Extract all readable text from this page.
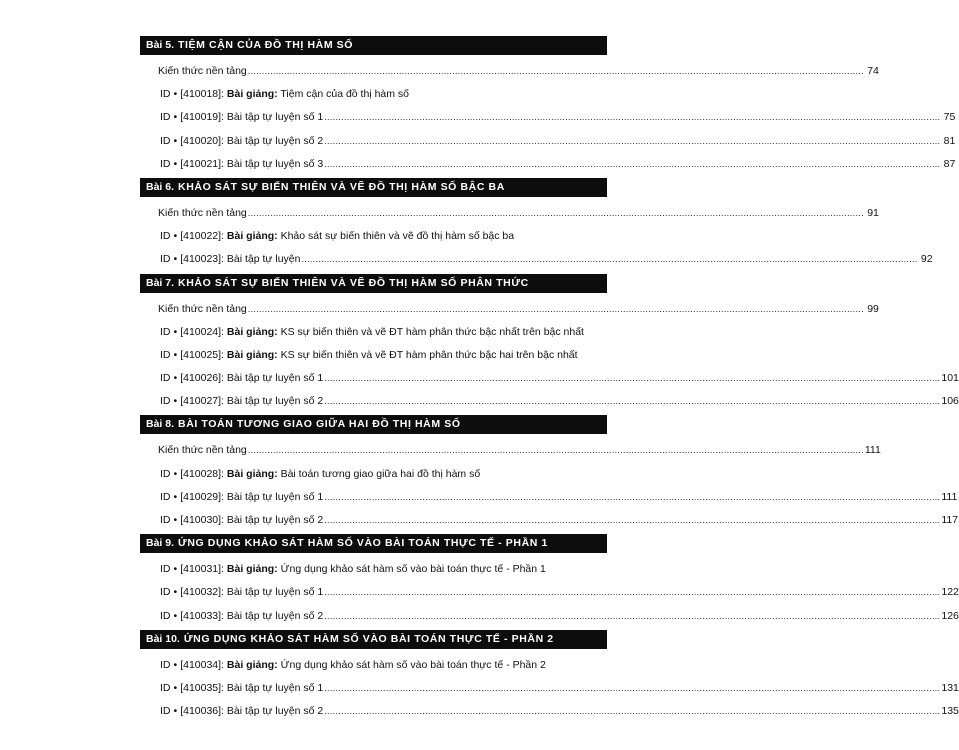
Bài 5. TIỆM CẬN CỦA ĐỒ THỊ HÀM SỐ
Kiến thức nền tảng ............................................................................................................................................................................................................................ 74
ID • [410018]: Bài giảng: Tiệm cận của đồ thị hàm số
ID • [410019]: Bài tập tự luyện số 1 ............................................................................................................................................................................................................................ 75
ID • [410020]: Bài tập tự luyện số 2 ............................................................................................................................................................................................................................ 81
ID • [410021]: Bài tập tự luyện số 3 ............................................................................................................................................................................................................................ 87
Bài 6. KHẢO SÁT SỰ BIẾN THIÊN VÀ VẼ ĐỒ THỊ HÀM SỐ BẬC BA
Kiến thức nền tảng ............................................................................................................................................................................................................................ 91
ID • [410022]: Bài giảng: Khảo sát sự biến thiên và vẽ đồ thị hàm số bậc ba
ID • [410023]: Bài tập tự luyện ............................................................................................................................................................................................................................ 92
Bài 7. KHẢO SÁT SỰ BIẾN THIÊN VÀ VẼ ĐỒ THỊ HÀM SỐ PHÂN THỨC
Kiến thức nền tảng ............................................................................................................................................................................................................................ 99
ID • [410024]: Bài giảng: KS sự biến thiên và vẽ ĐT hàm phân thức bậc nhất trên bậc nhất
ID • [410025]: Bài giảng: KS sự biến thiên và vẽ ĐT hàm phân thức bậc hai trên bậc nhất
ID • [410026]: Bài tập tự luyện số 1 ............................................................................................................................................................................................................................ 101
ID • [410027]: Bài tập tự luyện số 2 ............................................................................................................................................................................................................................ 106
Bài 8. BÀI TOÁN TƯƠNG GIAO GIỮA HAI ĐỒ THỊ HÀM SỐ
Kiến thức nền tảng ............................................................................................................................................................................................................................ 111
ID • [410028]: Bài giảng: Bài toán tương giao giữa hai đồ thị hàm số
ID • [410029]: Bài tập tự luyện số 1 ............................................................................................................................................................................................................................ 111
ID • [410030]: Bài tập tự luyện số 2 ............................................................................................................................................................................................................................ 117
Bài 9. ỨNG DỤNG KHẢO SÁT HÀM SỐ VÀO BÀI TOÁN THỰC TẾ - PHẦN 1
ID • [410031]: Bài giảng: Ứng dụng khảo sát hàm số vào bài toán thực tế - Phần 1
ID • [410032]: Bài tập tự luyện số 1 ............................................................................................................................................................................................................................ 122
ID • [410033]: Bài tập tự luyện số 2 ............................................................................................................................................................................................................................ 126
Bài 10. ỨNG DỤNG KHẢO SÁT HÀM SỐ VÀO BÀI TOÁN THỰC TẾ - PHẦN 2
ID • [410034]: Bài giảng: Ứng dụng khảo sát hàm số vào bài toán thực tế - Phần 2
ID • [410035]: Bài tập tự luyện số 1 ............................................................................................................................................................................................................................ 131
ID • [410036]: Bài tập tự luyện số 2 ............................................................................................................................................................................................................................ 135
